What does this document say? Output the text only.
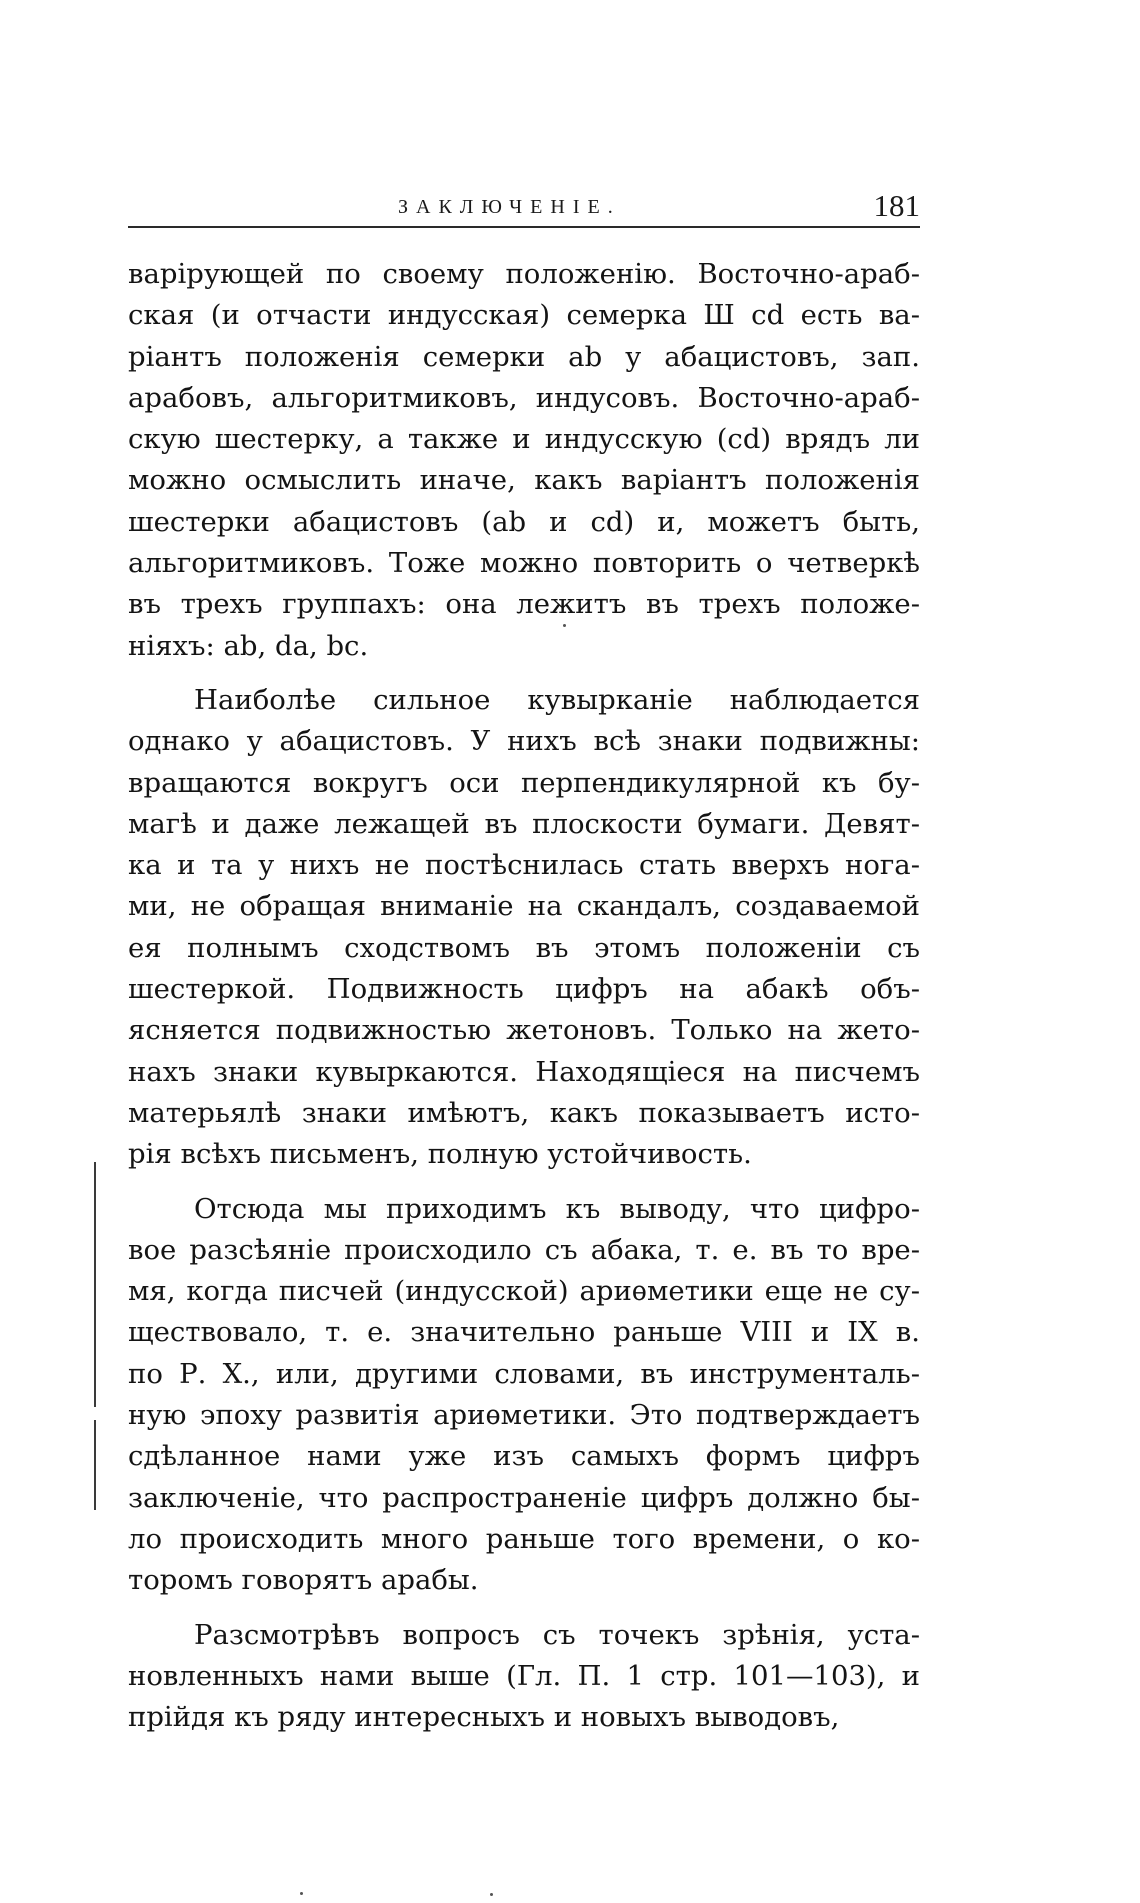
ЗАКЛЮЧЕНІЕ.	181

варірующей по своему положенію. Восточно-араб-
ская (и отчасти индусская) семерка Ш cd есть ва-
ріантъ положенія семерки ab у абацистовъ, зап.
арабовъ, альгоритмиковъ, индусовъ. Восточно-араб-
скую шестерку, а также и индусскую (cd) врядъ ли
можно осмыслить иначе, какъ варіантъ положенія
шестерки абацистовъ (ab и cd) и, можетъ быть,
альгоритмиковъ. Тоже можно повторить о четверкѣ
въ трехъ группахъ: она лежитъ въ трехъ положе-
ніяхъ: ab, da, bc.

Наиболѣе сильное кувырканіе наблюдается
однако у абацистовъ. У нихъ всѣ знаки подвижны:
вращаются вокругъ оси перпендикулярной къ бу-
магѣ и даже лежащей въ плоскости бумаги. Девят-
ка и та у нихъ не постѣснилась стать вверхъ нога-
ми, не обращая вниманіе на скандалъ, создаваемой
ея полнымъ сходствомъ въ этомъ положеніи съ
шестеркой. Подвижность цифръ на абакѣ объ-
ясняется подвижностью жетоновъ. Только на жето-
нахъ знаки кувыркаются. Находящіеся на писчемъ
матерьялѣ знаки имѣютъ, какъ показываетъ исто-
рія всѣхъ письменъ, полную устойчивость.

Отсюда мы приходимъ къ выводу, что цифро-
вое разсѣяніе происходило съ абака, т. е. въ то вре-
мя, когда писчей (индусской) ариѳметики еще не су-
ществовало, т. е. значительно раньше VIII и IX в.
по Р. Х., или, другими словами, въ инструменталь-
ную эпоху развитія ариѳметики. Это подтверждаетъ
сдѣланное нами уже изъ самыхъ формъ цифръ
заключеніе, что распространеніе цифръ должно бы-
ло происходить много раньше того времени, о ко-
торомъ говорятъ арабы.

Разсмотрѣвъ вопросъ съ точекъ зрѣнія, уста-
новленныхъ нами выше (Гл. П. 1 стр. 101—103), и
прійдя къ ряду интересныхъ и новыхъ выводовъ,
